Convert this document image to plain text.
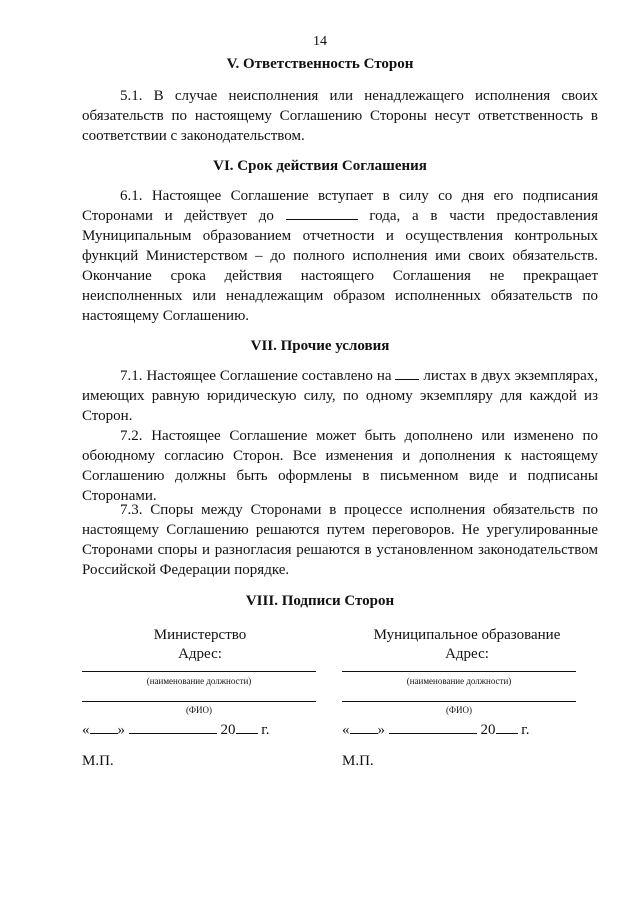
14
V. Ответственность Сторон

5.1. В случае неисполнения или ненадлежащего исполнения своих обязательств по настоящему Соглашению Стороны несут ответственность в соответствии с законодательством.

VI. Срок действия Соглашения

6.1. Настоящее Соглашение вступает в силу со дня его подписания Сторонами и действует до	года, а в части предоставления Муниципальным образованием отчетности и осуществления контрольных функций Министерством – до полного исполнения ими своих обязательств. Окончание срока действия настоящего Соглашения не прекращает неисполненных или ненадлежащим образом исполненных обязательств по настоящему Соглашению.

VII. Прочие условия

7.1. Настоящее Соглашение составлено на листах в двух экземплярах, имеющих равную юридическую силу, по одному экземпляру для каждой из Сторон.

7.2. Настоящее Соглашение может быть дополнено или изменено по обоюдному согласию Сторон. Все изменения и дополнения к настоящему Соглашению должны быть оформлены в письменном виде и подписаны Сторонами.

7.3. Споры между Сторонами в процессе исполнения обязательств по настоящему Соглашению решаются путем переговоров. Не урегулированные Сторонами споры и разногласия решаются в установленном законодательством Российской Федерации порядке.

VIII. Подписи Сторон
Министерство
Адрес:
(наименование должности)
(ФИО)
« »	20 г.
М.П.
Муниципальное образование
Адрес:
(наименование должности)
(ФИО)
« »	20 г.
М.П.
